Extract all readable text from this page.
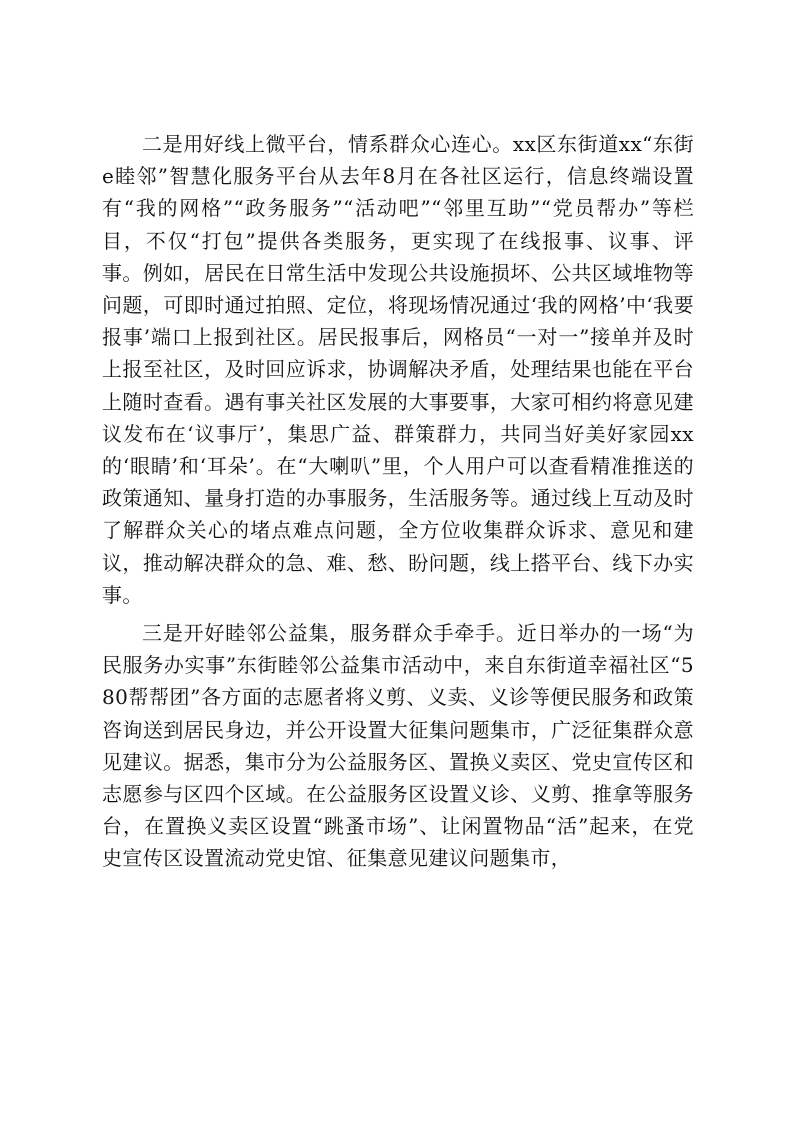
二是用好线上微平台，情系群众心连心。xx区东街道xx“东街e睦邻”智慧化服务平台从去年8月在各社区运行，信息终端设置有“我的网格”“政务服务”“活动吧”“邻里互助”“党员帮办”等栏目，不仅“打包”提供各类服务，更实现了在线报事、议事、评事。例如，居民在日常生活中发现公共设施损坏、公共区域堆物等问题，可即时通过拍照、定位，将现场情况通过‘我的网格’中‘我要报事’端口上报到社区。居民报事后，网格员“一对一”接单并及时上报至社区，及时回应诉求，协调解决矛盾，处理结果也能在平台上随时查看。遇有事关社区发展的大事要事，大家可相约将意见建议发布在‘议事厅’，集思广益、群策群力，共同当好美好家园xx的‘眼睛’和‘耳朵’。在“大喇叭”里，个人用户可以查看精准推送的政策通知、量身打造的办事服务，生活服务等。通过线上互动及时了解群众关心的堵点难点问题，全方位收集群众诉求、意见和建议，推动解决群众的急、难、愁、盼问题，线上搭平台、线下办实事。

三是开好睦邻公益集，服务群众手牵手。近日举办的一场“为民服务办实事”东街睦邻公益集市活动中，来自东街道幸福社区“580帮帮团”各方面的志愿者将义剪、义卖、义诊等便民服务和政策咨询送到居民身边，并公开设置大征集问题集市，广泛征集群众意见建议。据悉，集市分为公益服务区、置换义卖区、党史宣传区和志愿参与区四个区域。在公益服务区设置义诊、义剪、推拿等服务台，在置换义卖区设置“跳蚤市场”、让闲置物品“活”起来，在党史宣传区设置流动党史馆、征集意见建议问题集市，
